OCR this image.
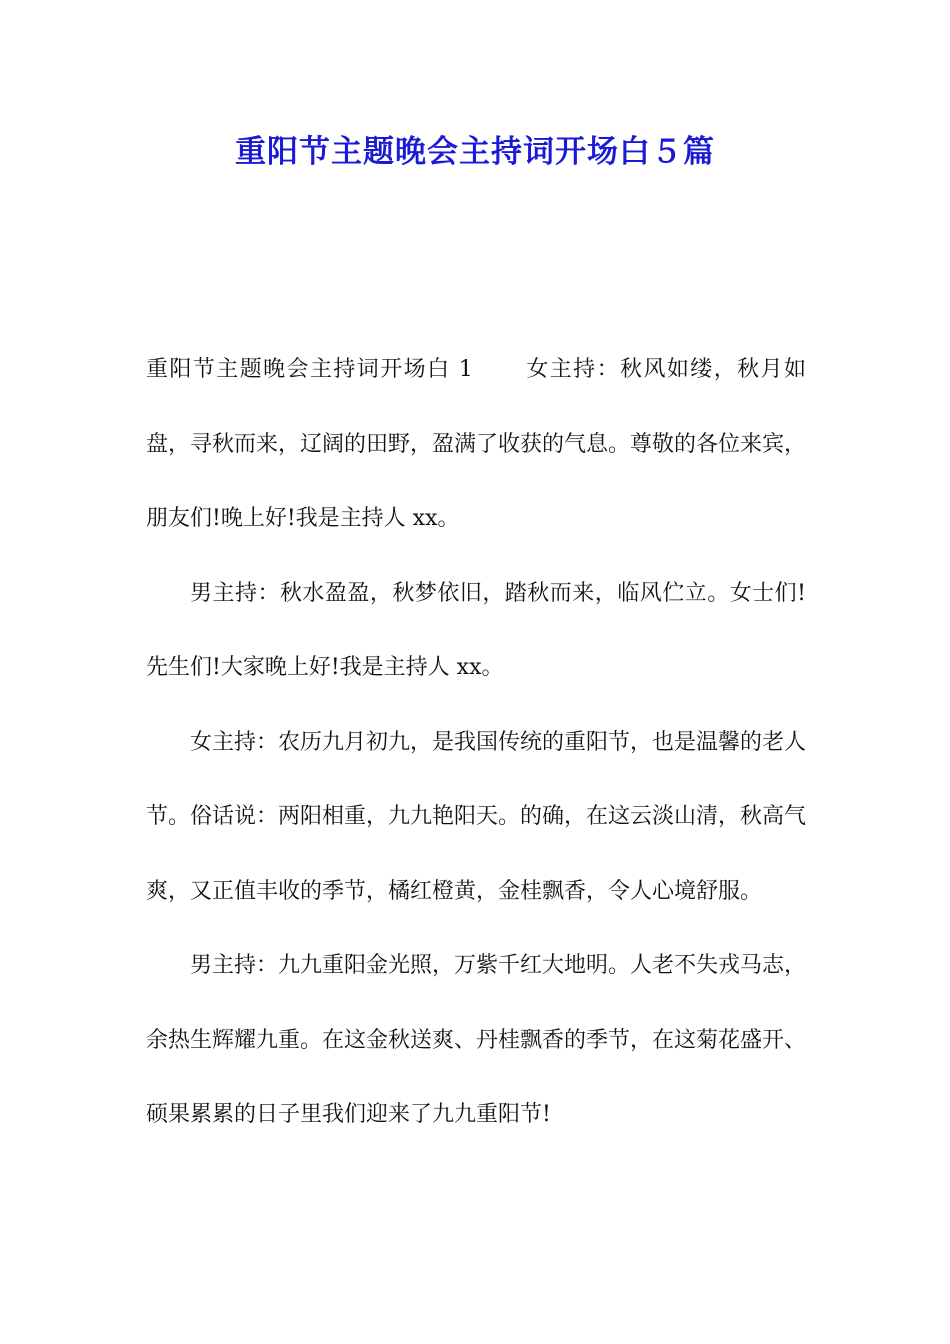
重阳节主题晚会主持词开场白５篇

重阳节主题晚会主持词开场白 1 女主持：秋风如缕，秋月如盘，寻秋而来，辽阔的田野，盈满了收获的气息。尊敬的各位来宾，朋友们!晚上好!我是主持人 xx。

男主持：秋水盈盈，秋梦依旧，踏秋而来，临风伫立。女士们!先生们!大家晚上好!我是主持人 xx。

女主持：农历九月初九，是我国传统的重阳节，也是温馨的老人节。俗话说：两阳相重，九九艳阳天。的确，在这云淡山清，秋高气爽，又正值丰收的季节，橘红橙黄，金桂飘香，令人心境舒服。

男主持：九九重阳金光照，万紫千红大地明。人老不失戎马志，余热生辉耀九重。在这金秋送爽、丹桂飘香的季节，在这菊花盛开、硕果累累的日子里我们迎来了九九重阳节!
